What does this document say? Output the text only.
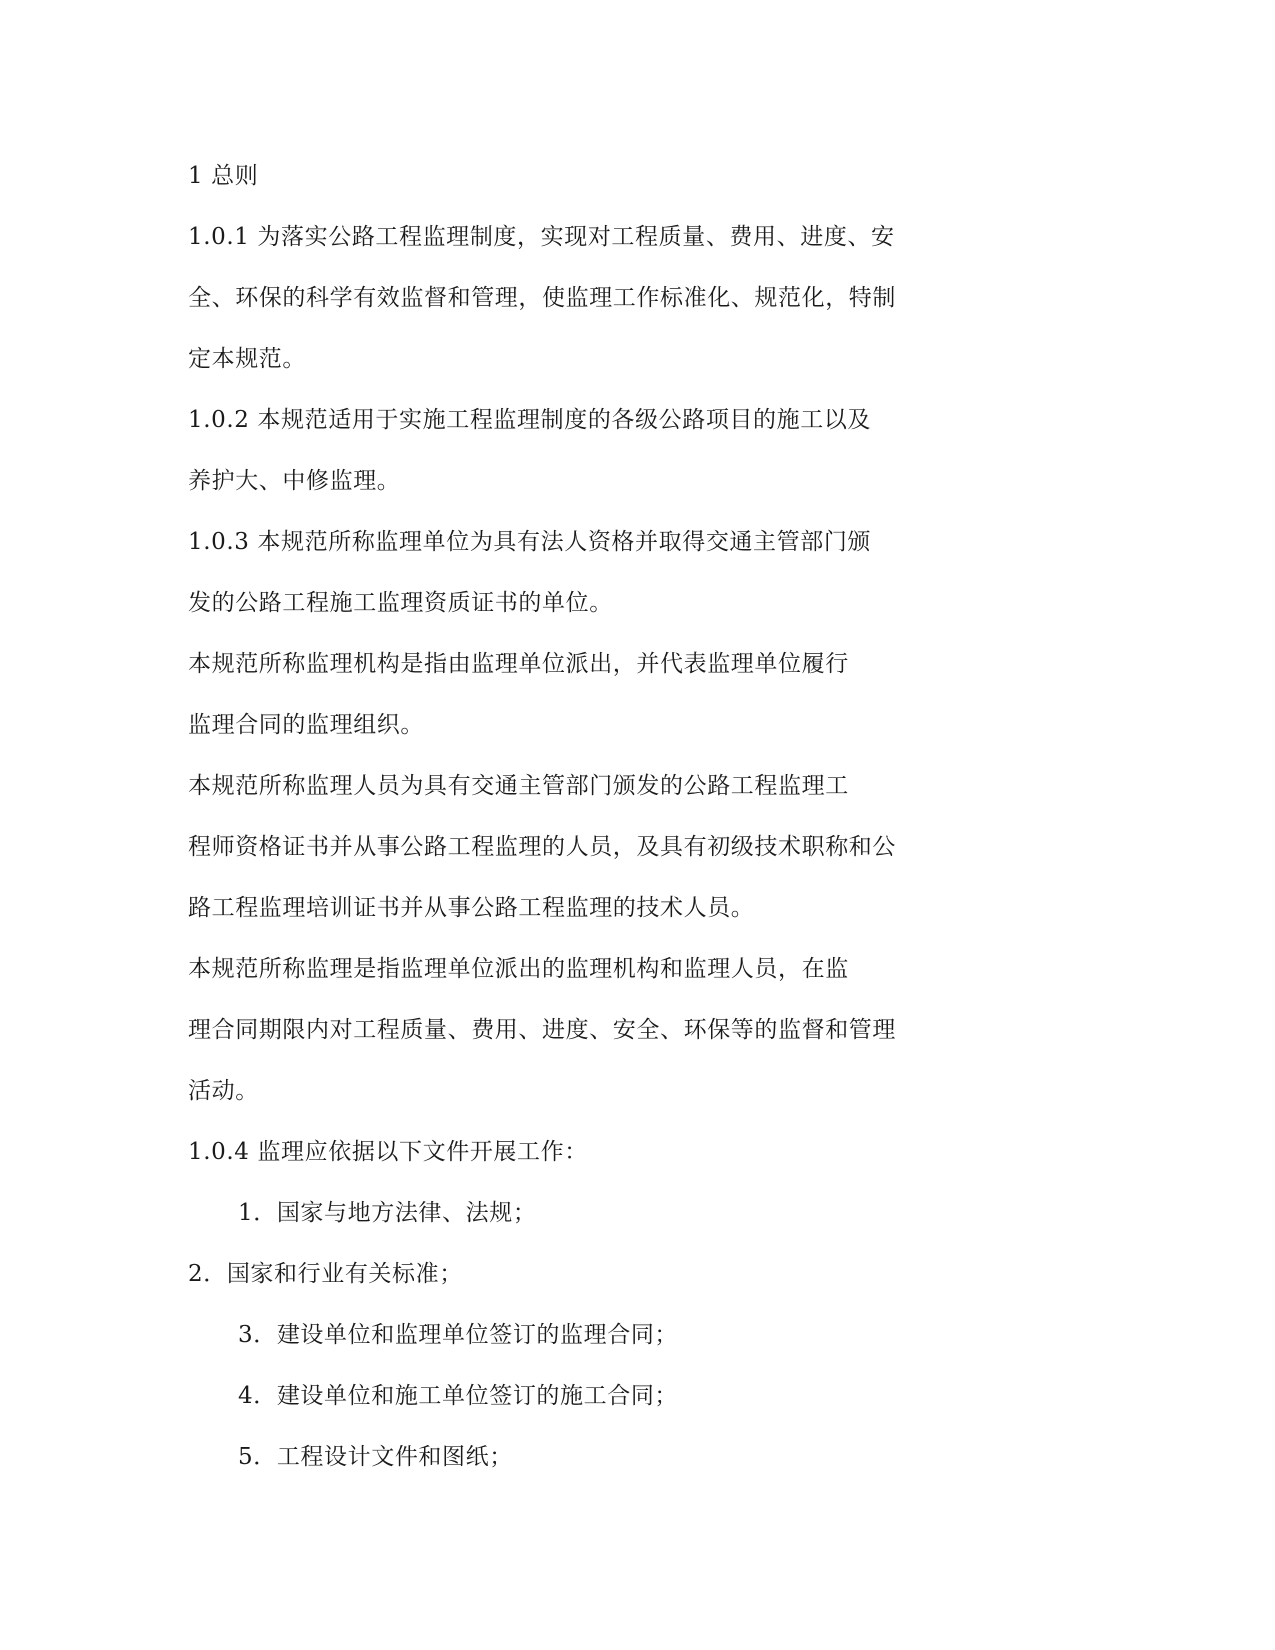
1 总则
1.0.1 为落实公路工程监理制度，实现对工程质量、费用、进度、安
全、环保的科学有效监督和管理，使监理工作标准化、规范化，特制
定本规范。
1.0.2 本规范适用于实施工程监理制度的各级公路项目的施工以及
养护大、中修监理。
1.0.3 本规范所称监理单位为具有法人资格并取得交通主管部门颁
发的公路工程施工监理资质证书的单位。
本规范所称监理机构是指由监理单位派出，并代表监理单位履行
监理合同的监理组织。
本规范所称监理人员为具有交通主管部门颁发的公路工程监理工
程师资格证书并从事公路工程监理的人员，及具有初级技术职称和公
路工程监理培训证书并从事公路工程监理的技术人员。
本规范所称监理是指监理单位派出的监理机构和监理人员，在监
理合同期限内对工程质量、费用、进度、安全、环保等的监督和管理
活动。
1.0.4 监理应依据以下文件开展工作：
1．国家与地方法律、法规；
2．国家和行业有关标准；
3．建设单位和监理单位签订的监理合同；
4．建设单位和施工单位签订的施工合同；
5．工程设计文件和图纸；
